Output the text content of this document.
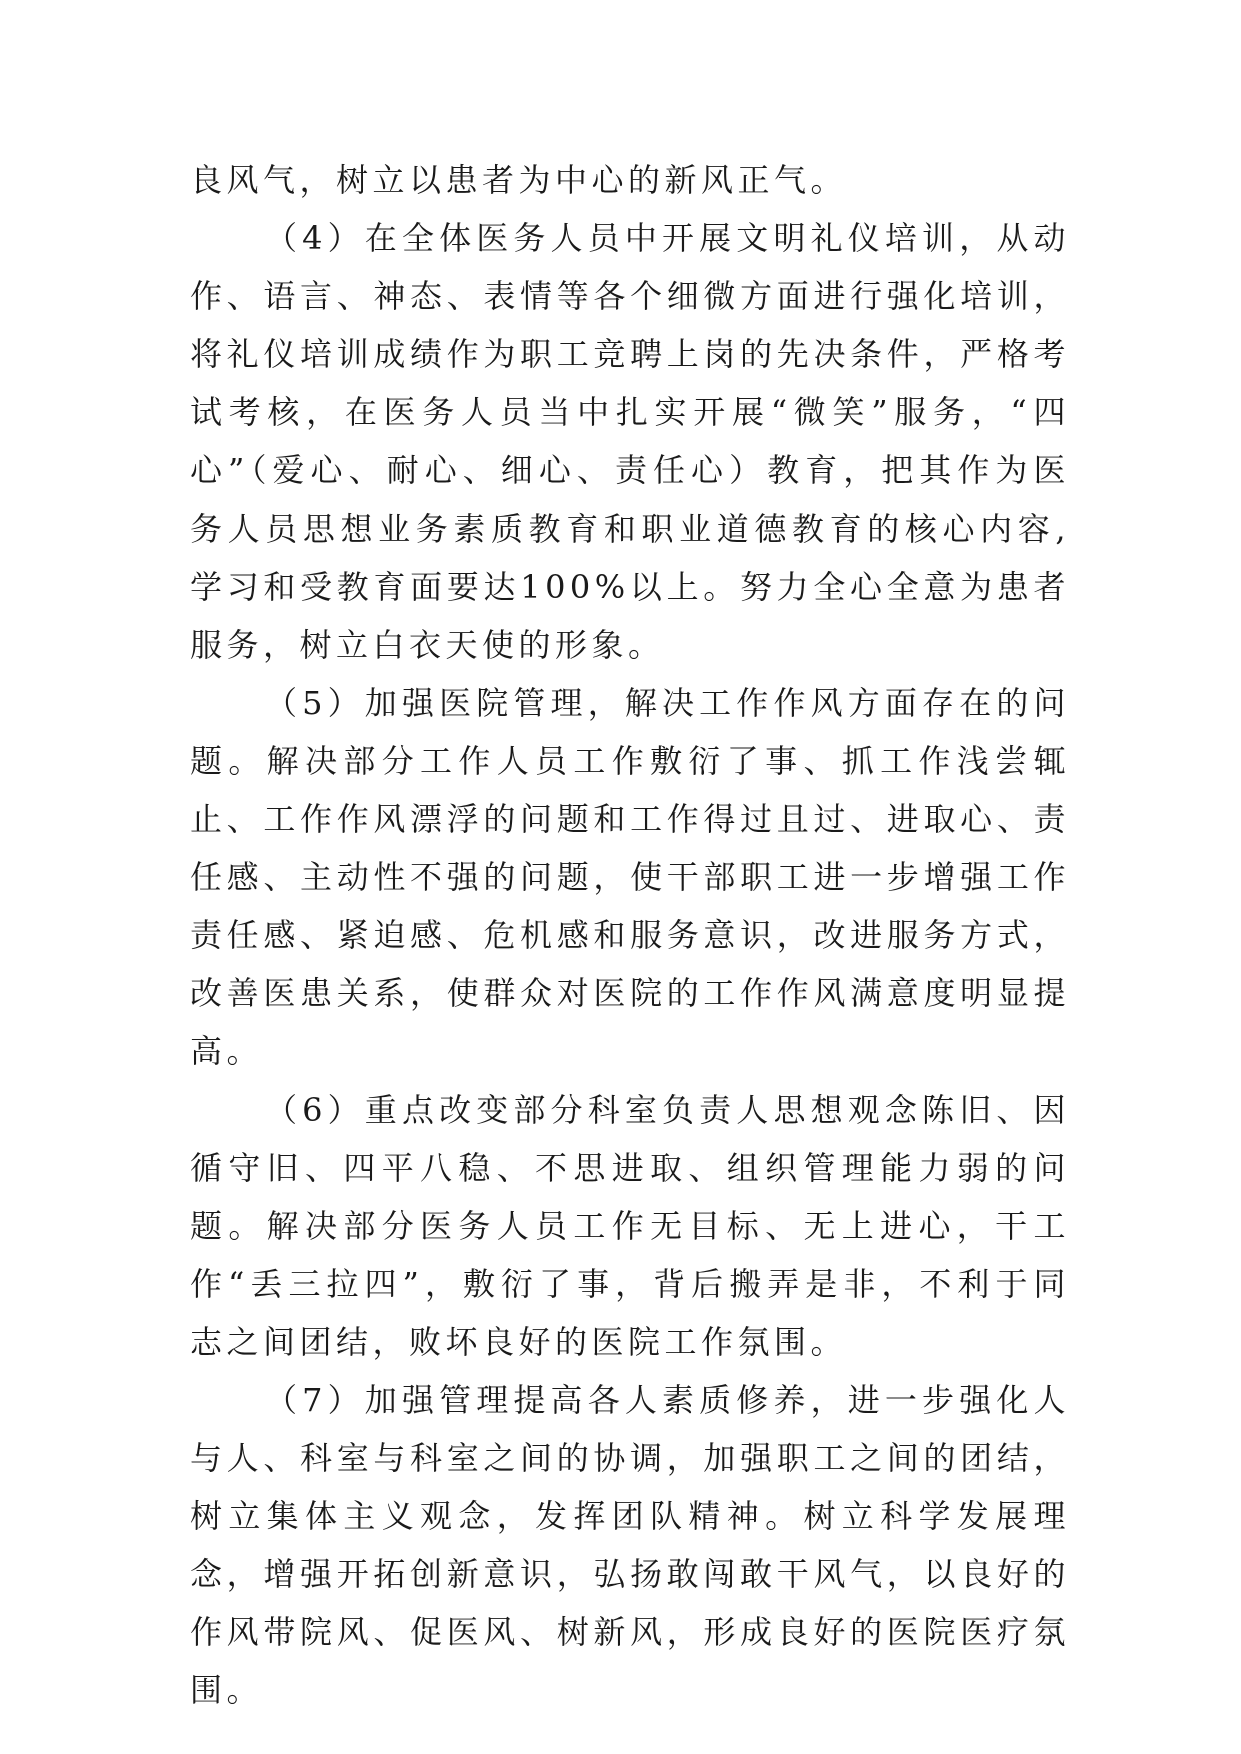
良风气，树立以患者为中心的新风正气。

（4）在全体医务人员中开展文明礼仪培训，从动作、语言、神态、表情等各个细微方面进行强化培训，将礼仪培训成绩作为职工竞聘上岗的先决条件，严格考试考核，在医务人员当中扎实开展“微笑”服务，“四心”（爱心、耐心、细心、责任心）教育，把其作为医务人员思想业务素质教育和职业道德教育的核心内容,学习和受教育面要达100%以上。努力全心全意为患者服务，树立白衣天使的形象。

（5）加强医院管理，解决工作作风方面存在的问题。解决部分工作人员工作敷衍了事、抓工作浅尝辄止、工作作风漂浮的问题和工作得过且过、进取心、责任感、主动性不强的问题，使干部职工进一步增强工作责任感、紧迫感、危机感和服务意识，改进服务方式，改善医患关系，使群众对医院的工作作风满意度明显提高。

（6）重点改变部分科室负责人思想观念陈旧、因循守旧、四平八稳、不思进取、组织管理能力弱的问题。解决部分医务人员工作无目标、无上进心，干工作“丢三拉四”，敷衍了事，背后搬弄是非，不利于同志之间团结，败坏良好的医院工作氛围。

（7）加强管理提高各人素质修养，进一步强化人与人、科室与科室之间的协调，加强职工之间的团结，树立集体主义观念，发挥团队精神。树立科学发展理念，增强开拓创新意识，弘扬敢闯敢干风气，以良好的作风带院风、促医风、树新风，形成良好的医院医疗氛围。
